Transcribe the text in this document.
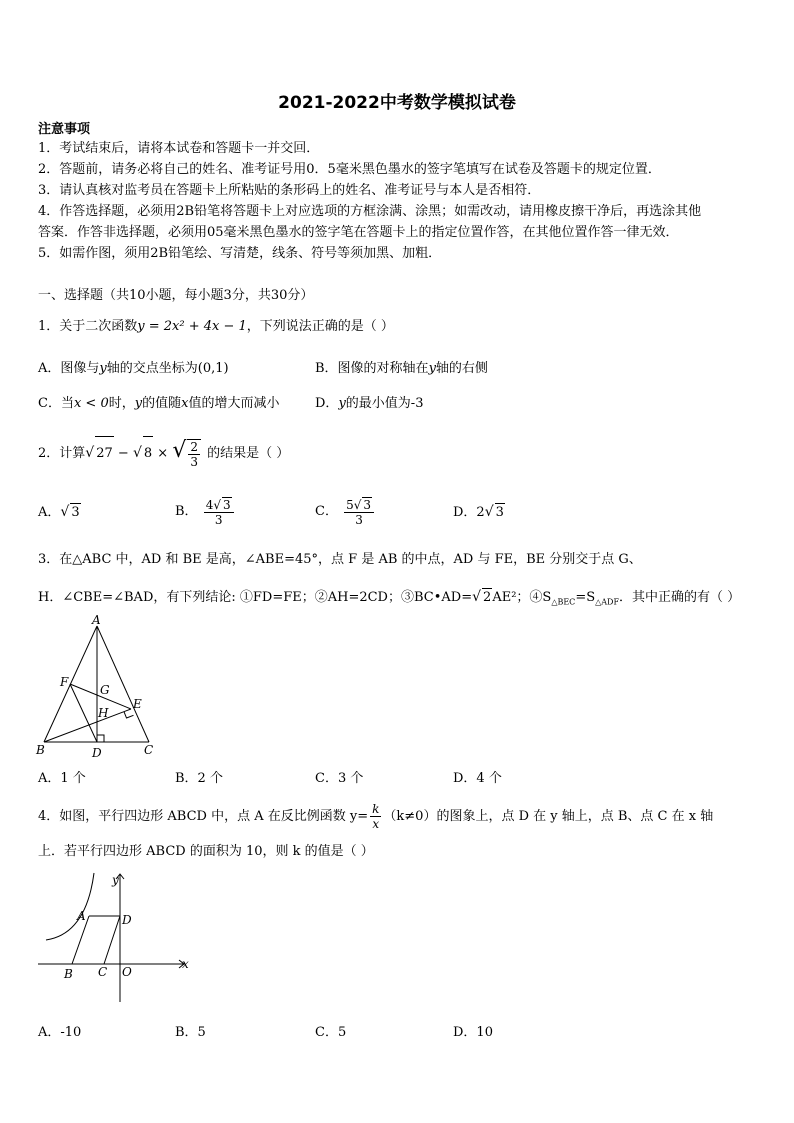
2021-2022中考数学模拟试卷
注意事项
1．考试结束后，请将本试卷和答题卡一并交回．
2．答题前，请务必将自己的姓名、准考证号用0．5毫米黑色墨水的签字笔填写在试卷及答题卡的规定位置．
3．请认真核对监考员在答题卡上所粘贴的条形码上的姓名、准考证号与本人是否相符．
4．作答选择题，必须用2B铅笔将答题卡上对应选项的方框涂满、涂黑；如需改动，请用橡皮擦干净后，再选涂其他
答案．作答非选择题，必须用05毫米黑色墨水的签字笔在答题卡上的指定位置作答，在其他位置作答一律无效．
5．如需作图，须用2B铅笔绘、写清楚，线条、符号等须加黑、加粗．
一、选择题（共10小题，每小题3分，共30分）
1．关于二次函数y = 2x² + 4x − 1，下列说法正确的是（ ）
A．图像与y轴的交点坐标为(0,1)	B．图像的对称轴在y轴的右侧
C．当x < 0时，y的值随x值的增大而减小	D．y的最小值为-3
2．计算√ 27 − √ 8 × √ $\frac{2}{3}$ 的结果是（ ）
A．√ 3	B． $\frac{4√ 3}{3}$	C． $\frac{5√ 3}{3}$	D．2√ 3
3．在△ABC 中，AD 和 BE 是高，∠ABE=45°，点 F 是 AB 的中点，AD 与 FE，BE 分别交于点 G、
H．∠CBE=∠BAD，有下列结论: ①FD=FE；②AH=2CD；③BC•AD=√ 2AE²；$④S_{\triangle BEC}=S_{\triangle ADF}$．其中正确的有（ ）
A
F
G
E
H
B	D	C
A．1 个	B．2 个	C．3 个	D．4 个
4．如图，平行四边形 ABCD 中，点 A 在反比例函数 $y= \frac{k}{x} (k\ne 0)$的图象上，点 D 在 y 轴上，点 B、点 C 在 x 轴
上．若平行四边形 ABCD 的面积为 10，则 k 的值是（ ）
y
A	D
B C O
x
A．-10	B．5	C．5	D．10
